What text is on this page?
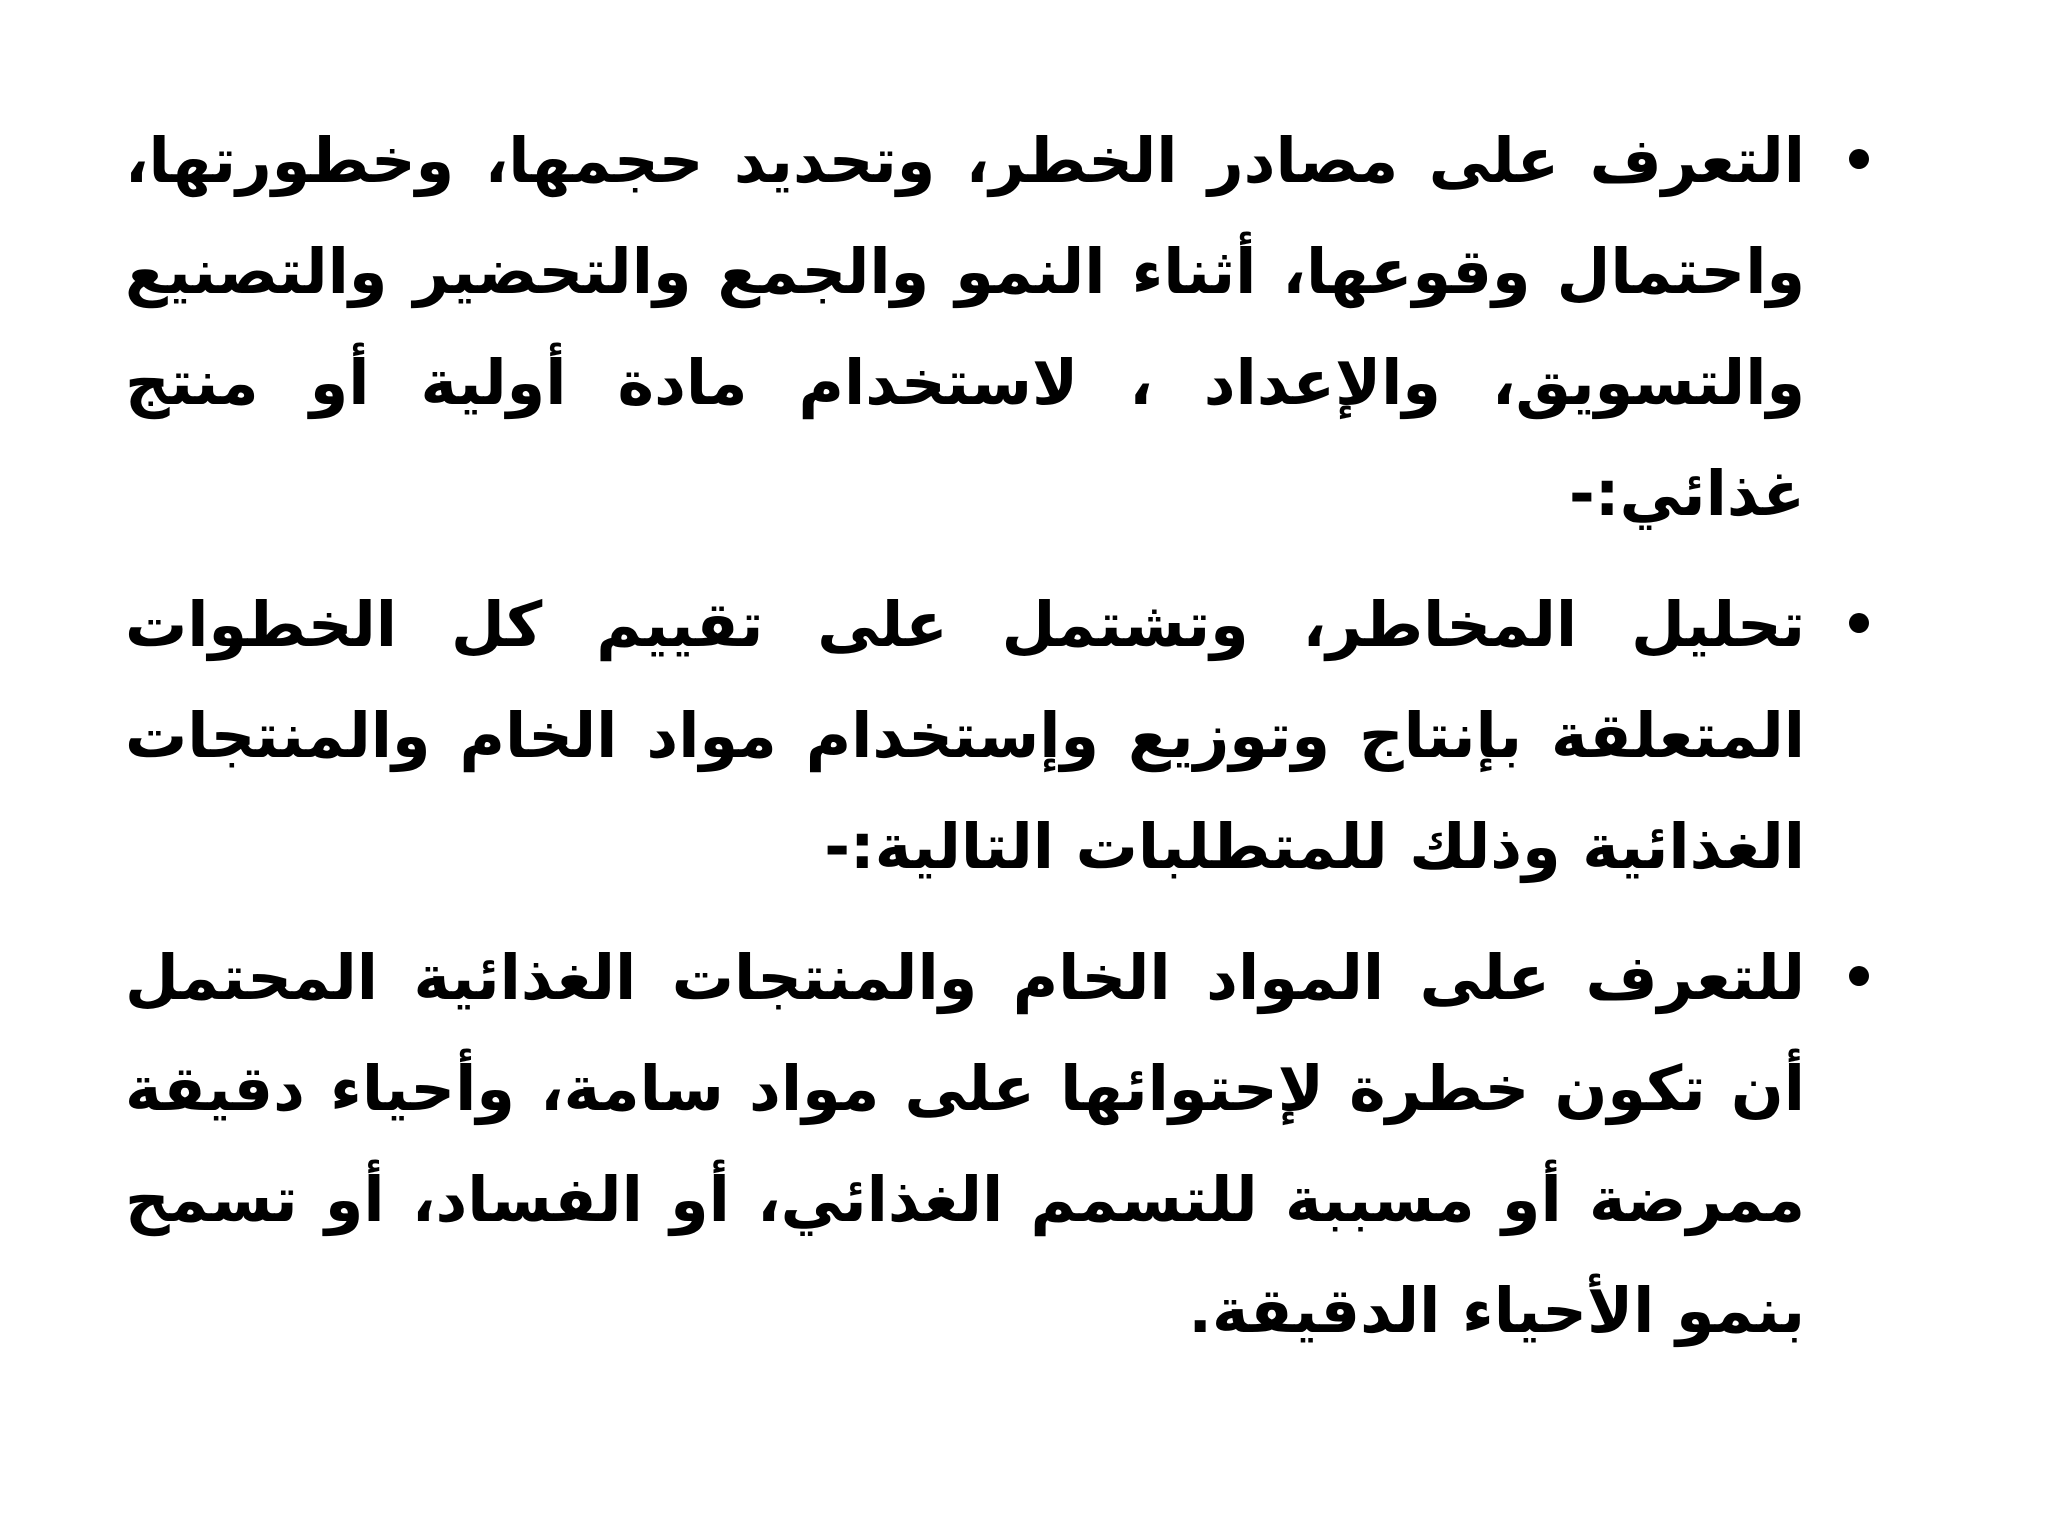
التعرف على مصادر الخطر، وتحديد حجمها، وخطورتها، واحتمال وقوعها، أثناء النمو والجمع والتحضير والتصنيع والتسويق، والإعداد ، لاستخدام مادة أولية أو منتج غذائي:-

تحليل المخاطر، وتشتمل على تقييم كل الخطوات المتعلقة بإنتاج وتوزيع وإستخدام مواد الخام والمنتجات الغذائية وذلك للمتطلبات التالية:-

للتعرف على المواد الخام والمنتجات الغذائية المحتمل أن تكون خطرة لإحتوائها على مواد سامة، وأحياء دقيقة ممرضة أو مسببة للتسمم الغذائي، أو الفساد، أو تسمح بنمو الأحياء الدقيقة.
